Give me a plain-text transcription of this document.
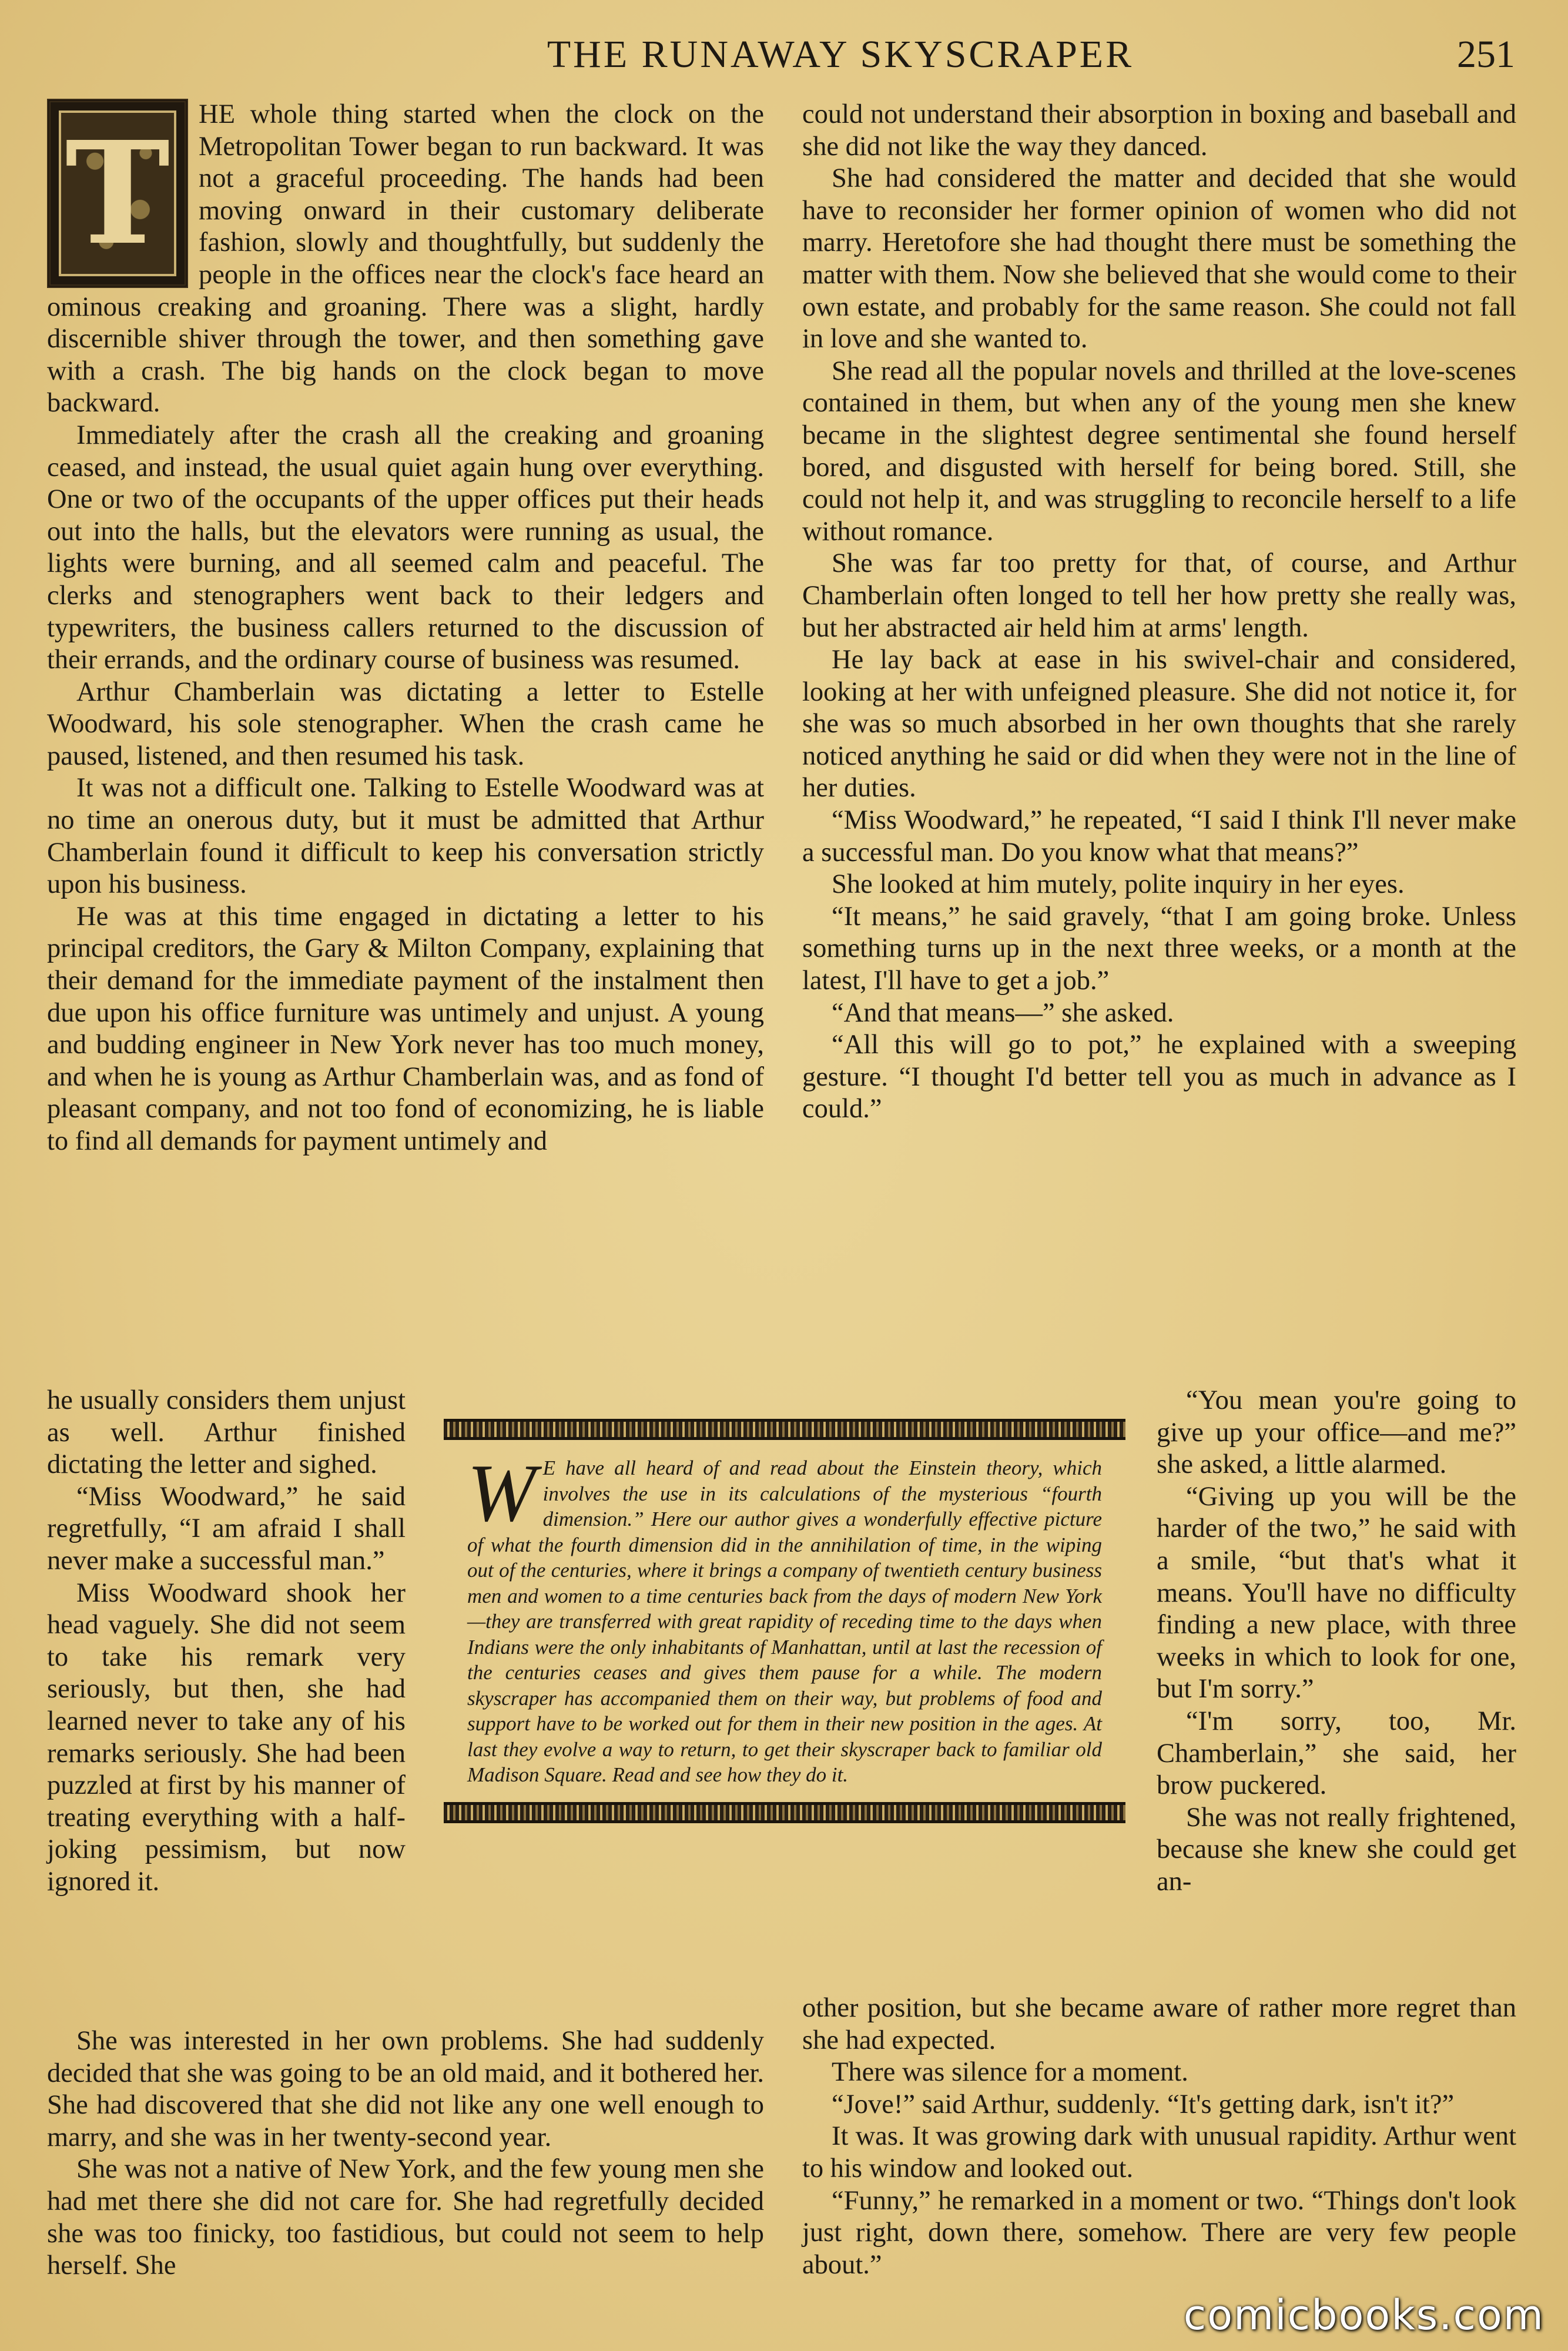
THE RUNAWAY SKYSCRAPER	251
T	HE whole thing started when the clock on the Metropolitan Tower began to run backward. It was not a graceful proceeding. The hands had been moving onward in their customary deliberate fashion, slowly and thoughtfully, but suddenly the people in the offices near the clock's face heard an ominous creaking and groaning. There was a slight, hardly discernible shiver through the tower, and then something gave with a crash. The big hands on the clock began to move backward.

Immediately after the crash all the creaking and groaning ceased, and instead, the usual quiet again hung over everything. One or two of the occupants of the upper offices put their heads out into the halls, but the elevators were running as usual, the lights were burning, and all seemed calm and peaceful. The clerks and stenographers went back to their ledgers and typewriters, the business callers returned to the discussion of their errands, and the ordinary course of business was resumed.

Arthur Chamberlain was dictating a letter to Estelle Woodward, his sole stenographer. When the crash came he paused, listened, and then resumed his task.

It was not a difficult one. Talking to Estelle Woodward was at no time an onerous duty, but it must be admitted that Arthur Chamberlain found it difficult to keep his conversation strictly upon his business.

He was at this time engaged in dictating a letter to his principal creditors, the Gary & Milton Company, explaining that their demand for the immediate payment of the instalment then due upon his office furniture was untimely and unjust. A young and budding engineer in New York never has too much money, and when he is young as Arthur Chamberlain was, and as fond of pleasant company, and not too fond of economizing, he is liable to find all demands for payment untimely and

could not understand their absorption in boxing and baseball and she did not like the way they danced.

She had considered the matter and decided that she would have to reconsider her former opinion of women who did not marry. Heretofore she had thought there must be something the matter with them. Now she believed that she would come to their own estate, and probably for the same reason. She could not fall in love and she wanted to.

She read all the popular novels and thrilled at the love-scenes contained in them, but when any of the young men she knew became in the slightest degree sentimental she found herself bored, and disgusted with herself for being bored. Still, she could not help it, and was struggling to reconcile herself to a life without romance.

She was far too pretty for that, of course, and Arthur Chamberlain often longed to tell her how pretty she really was, but her abstracted air held him at arms' length.

He lay back at ease in his swivel-chair and considered, looking at her with unfeigned pleasure. She did not notice it, for she was so much absorbed in her own thoughts that she rarely noticed anything he said or did when they were not in the line of her duties.

“Miss Woodward,” he repeated, “I said I think I'll never make a successful man. Do you know what that means?”

She looked at him mutely, polite inquiry in her eyes.

“It means,” he said gravely, “that I am going broke. Unless something turns up in the next three weeks, or a month at the latest, I'll have to get a job.”

“And that means—” she asked.

“All this will go to pot,” he explained with a sweeping gesture. “I thought I'd better tell you as much in advance as I could.”

he usually considers them unjust as well. Arthur finished dictating the letter and sighed.

“Miss Woodward,” he said regretfully, “I am afraid I shall never make a successful man.”

Miss Woodward shook her head vaguely. She did not seem to take his remark very seriously, but then, she had learned never to take any of his remarks seriously. She had been puzzled at first by his manner of treating everything with a half-joking pessimism, but now ignored it.

W E have all heard of and read about the Einstein theory, which involves the use in its calculations of the mysterious “fourth dimension.” Here our author gives a wonderfully effective picture of what the fourth dimension did in the annihilation of time, in the wiping out of the centuries, where it brings a company of twentieth century business men and women to a time centuries back from the days of modern New York—they are transferred with great rapidity of receding time to the days when Indians were the only inhabitants of Manhattan, until at last the recession of the centuries ceases and gives them pause for a while. The modern skyscraper has accompanied them on their way, but problems of food and support have to be worked out for them in their new position in the ages. At last they evolve a way to return, to get their skyscraper back to familiar old Madison Square. Read and see how they do it.

“You mean you're going to give up your office—and me?” she asked, a little alarmed.

“Giving up you will be the harder of the two,” he said with a smile, “but that's what it means. You'll have no difficulty finding a new place, with three weeks in which to look for one, but I'm sorry.”

“I'm sorry, too, Mr. Chamberlain,” she said, her brow puckered.

She was not really frightened, because she knew she could get an-

She was interested in her own problems. She had suddenly decided that she was going to be an old maid, and it bothered her. She had discovered that she did not like any one well enough to marry, and she was in her twenty-second year.

She was not a native of New York, and the few young men she had met there she did not care for. She had regretfully decided she was too finicky, too fastidious, but could not seem to help herself. She

other position, but she became aware of rather more regret than she had expected.

There was silence for a moment.

“Jove!” said Arthur, suddenly. “It's getting dark, isn't it?”

It was. It was growing dark with unusual rapidity. Arthur went to his window and looked out.

“Funny,” he remarked in a moment or two. “Things don't look just right, down there, somehow. There are very few people about.”

comicbooks.com
